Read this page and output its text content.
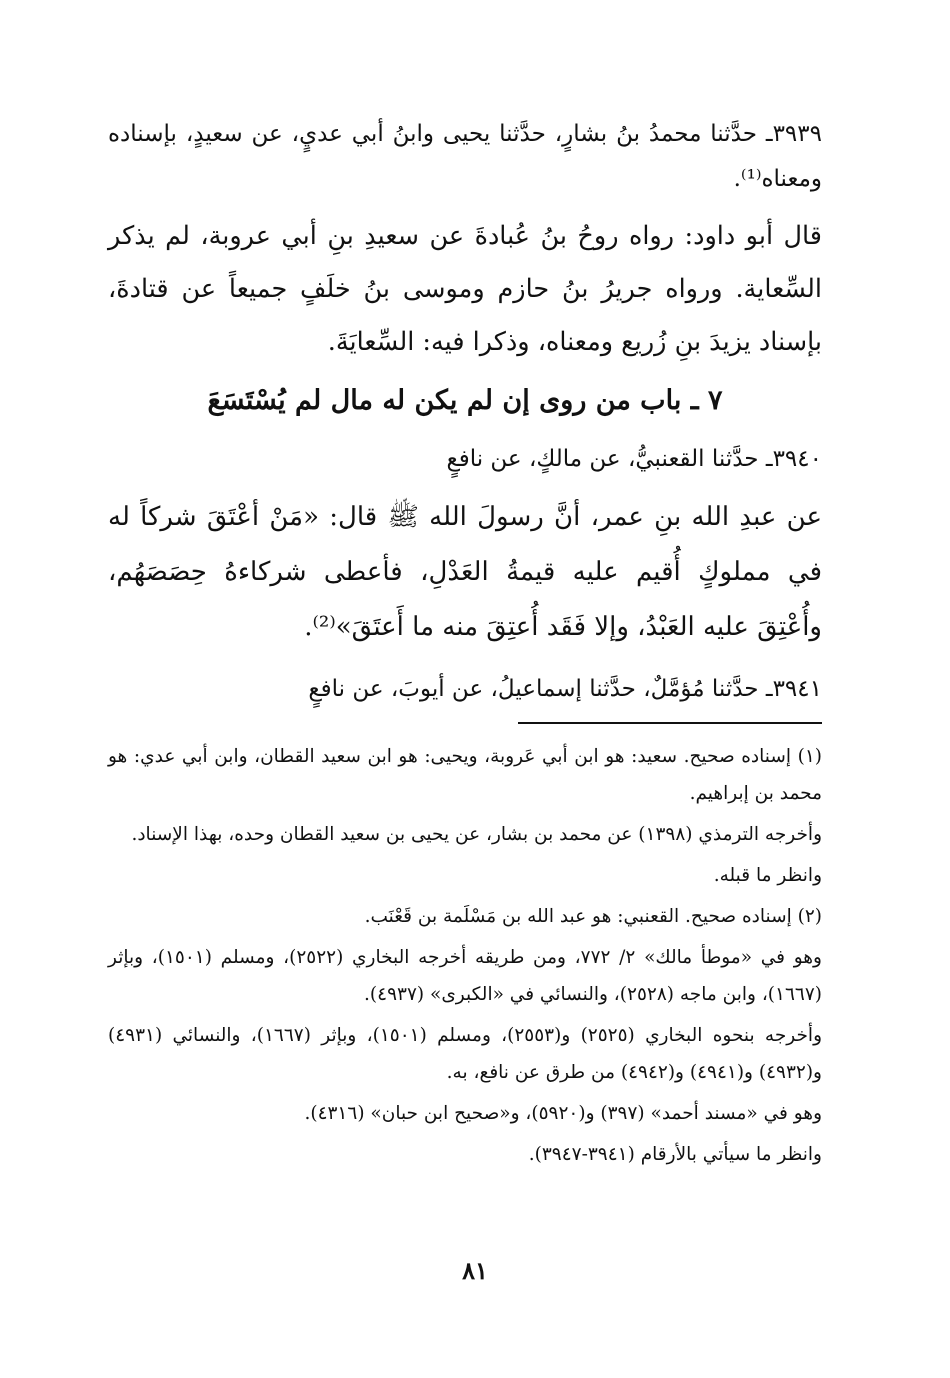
٣٩٣٩ـ حدَّثنا محمدُ بنُ بشارٍ، حدَّثنا يحيى وابنُ أبي عديٍ، عن سعيدٍ، بإسناده ومعناه⁽¹⁾.

قال أبو داود: رواه روحُ بنُ عُبادةَ عن سعيدِ بنِ أبي عروبة، لم يذكر السِّعاية. ورواه جريرُ بنُ حازم وموسى بنُ خلَفٍ جميعاً عن قتادةَ، بإسناد يزيدَ بنِ زُريع ومعناه، وذكرا فيه: السِّعايَةَ.

٧ ـ باب من روى إن لم يكن له مال لم يُسْتَسَعَ

٣٩٤٠ـ حدَّثنا القعنبيُّ، عن مالكٍ، عن نافعٍ

عن عبدِ الله بنِ عمر، أنَّ رسولَ الله ﷺ قال: «مَنْ أعْتَقَ شركاً له في مملوكٍ أُقيم عليه قيمةُ العَدْلِ، فأعطى شركاءهُ حِصَصَهُم، وأُعْتِقَ عليه العَبْدُ، وإلا فَقَد أُعتِقَ منه ما أَعتَقَ»⁽²⁾.

٣٩٤١ـ حدَّثنا مُؤمَّلٌ، حدَّثنا إسماعيلُ، عن أيوبَ، عن نافعٍ

(١) إسناده صحيح. سعيد: هو ابن أبي عَروبة، ويحيى: هو ابن سعيد القطان، وابن أبي عدي: هو محمد بن إبراهيم.

وأخرجه الترمذي (١٣٩٨) عن محمد بن بشار، عن يحيى بن سعيد القطان وحده، بهذا الإسناد.

وانظر ما قبله.

(٢) إسناده صحيح. القعنبي: هو عبد الله بن مَسْلَمة بن قَعْنَب.

وهو في «موطأ مالك» ٢/ ٧٧٢، ومن طريقه أخرجه البخاري (٢٥٢٢)، ومسلم (١٥٠١)، وبإثر (١٦٦٧)، وابن ماجه (٢٥٢٨)، والنسائي في «الكبرى» (٤٩٣٧).

وأخرجه بنحوه البخاري (٢٥٢٥) و(٢٥٥٣)، ومسلم (١٥٠١)، وبإثر (١٦٦٧)، والنسائي (٤٩٣١) و(٤٩٣٢) و(٤٩٤١) و(٤٩٤٢) من طرق عن نافع، به.

وهو في «مسند أحمد» (٣٩٧) و(٥٩٢٠)، و«صحيح ابن حبان» (٤٣١٦).

وانظر ما سيأتي بالأرقام (٣٩٤١-٣٩٤٧).

٨١
